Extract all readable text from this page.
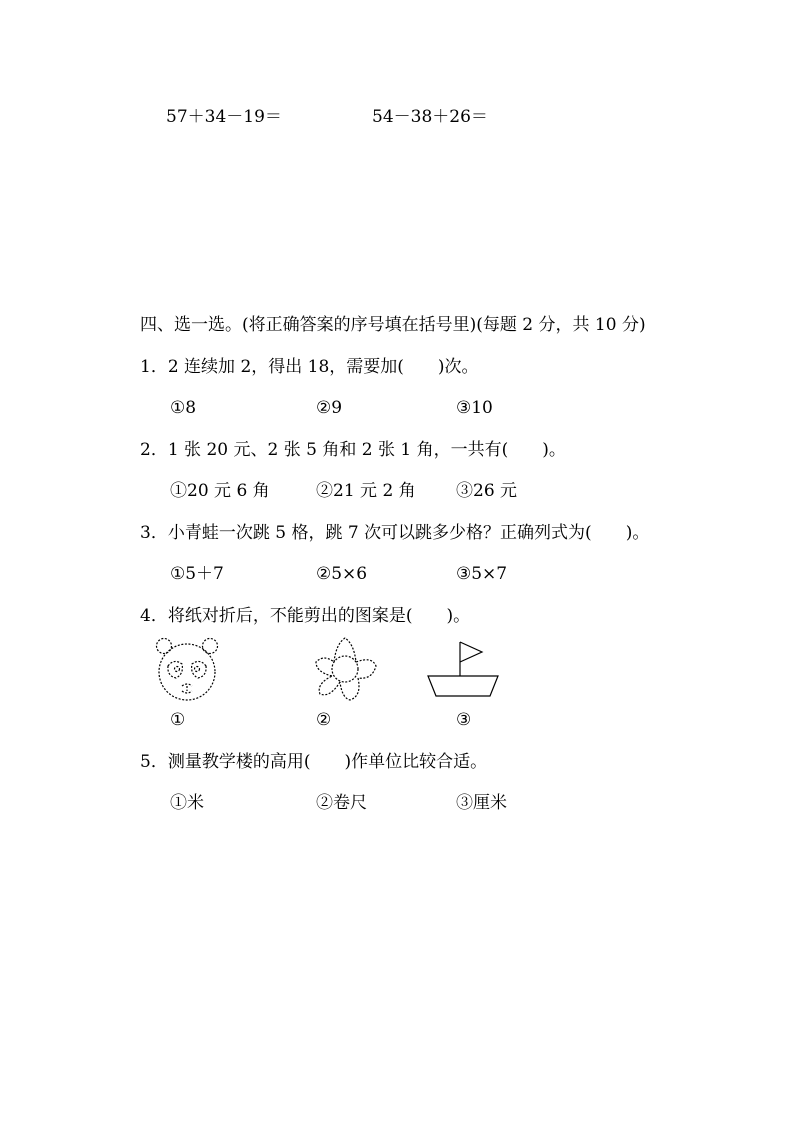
57＋34－19＝	54－38＋26＝
四、选一选。(将正确答案的序号填在括号里)(每题 2 分，共 10 分)
1．2 连续加 2，得出 18，需要加(　　)次。
①8	②9	③10
2．1 张 20 元、2 张 5 角和 2 张 1 角，一共有(　　)。
①20 元 6 角	②21 元 2 角 ③26 元
3．小青蛙一次跳 5 格，跳 7 次可以跳多少格？正确列式为(　　)。
①5＋7	②5×6	③5×7
4．将纸对折后，不能剪出的图案是(　　)。
①	②	③
5．测量教学楼的高用(　　)作单位比较合适。
①米	②卷尺	③厘米
